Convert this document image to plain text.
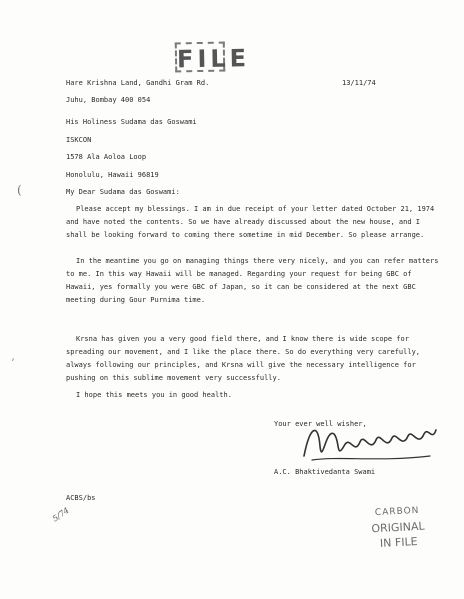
FILE
Hare Krishna Land, Gandhi Gram Rd.	13/11/74
Juhu, Bombay 400 054
His Holiness Sudama das Goswami
ISKCON
1578 Ala Aoloa Loop
Honolulu, Hawaii 96819
My Dear Sudama das Goswami:
Please accept my blessings. I am in due receipt of your letter dated October 21, 1974 and have noted the contents. So we have already discussed about the new house, and I shall be looking forward to coming there sometime in mid December. So please arrange.
In the meantime you go on managing things there very nicely, and you can refer matters to me. In this way Hawaii will be managed. Regarding your request for being GBC of Hawaii, yes formally you were GBC of Japan, so it can be considered at the next GBC meeting during Gour Purnima time.
Krsna has given you a very good field there, and I know there is wide scope for spreading our movement, and I like the place there. So do everything very carefully, always following our principles, and Krsna will give the necessary intelligence for pushing on this sublime movement very successfully.
I hope this meets you in good health.
Your ever well wisher,
A.C. Bhaktivedanta Swami
ACBS/bs
CARBON
ORIGINAL
IN FILE
5/74
(
ʼ
